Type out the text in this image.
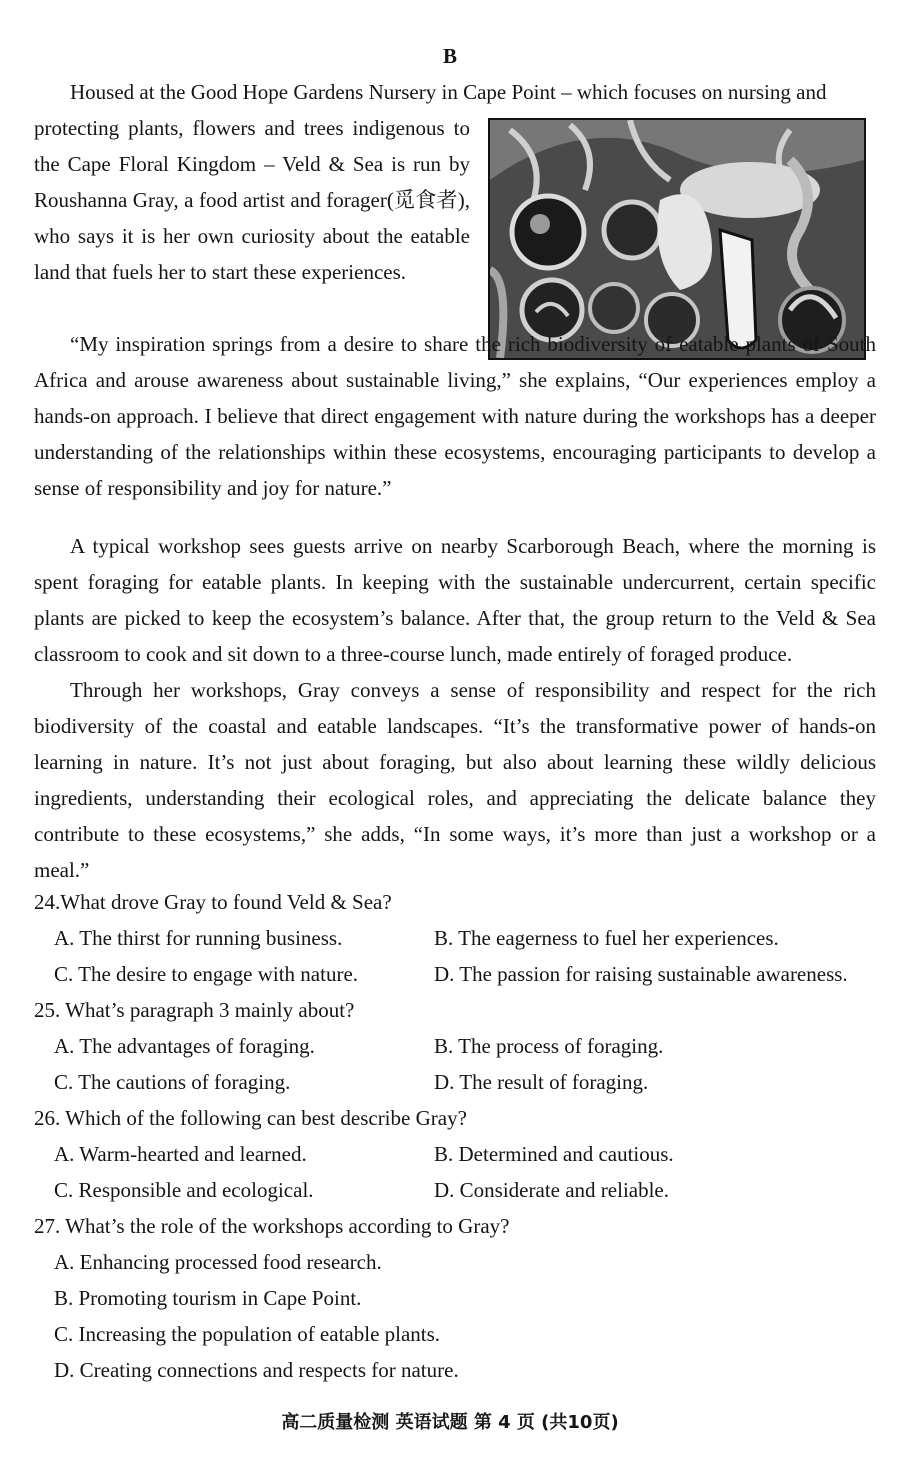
B

Housed at the Good Hope Gardens Nursery in Cape Point – which focuses on nursing and

protecting plants, flowers and trees indigenous to the Cape Floral Kingdom – Veld & Sea is run by Roushanna Gray, a food artist and forager(觅食者), who says it is her own curiosity about the eatable land that fuels her to start these experiences.

“My inspiration springs from a desire to share the rich biodiversity of eatable plants of South Africa and arouse awareness about sustainable living,” she explains, “Our experiences employ a hands-on approach. I believe that direct engagement with nature during the workshops has a deeper understanding of the relationships within these ecosystems, encouraging participants to develop a sense of responsibility and joy for nature.”

A typical workshop sees guests arrive on nearby Scarborough Beach, where the morning is spent foraging for eatable plants. In keeping with the sustainable undercurrent, certain specific plants are picked to keep the ecosystem’s balance. After that, the group return to the Veld & Sea classroom to cook and sit down to a three-course lunch, made entirely of foraged produce.

Through her workshops, Gray conveys a sense of responsibility and respect for the rich biodiversity of the coastal and eatable landscapes. “It’s the transformative power of hands-on learning in nature. It’s not just about foraging, but also about learning these wildly delicious ingredients, understanding their ecological roles, and appreciating the delicate balance they contribute to these ecosystems,” she adds, “In some ways, it’s more than just a workshop or a meal.”

24.What drove Gray to found Veld & Sea?
A. The thirst for running business.	B. The eagerness to fuel her experiences.
C. The desire to engage with nature.	D. The passion for raising sustainable awareness.
25. What’s paragraph 3 mainly about?
A. The advantages of foraging.	B. The process of foraging.
C. The cautions of foraging.	D. The result of foraging.
26. Which of the following can best describe Gray?
A. Warm-hearted and learned.	B. Determined and cautious.
C. Responsible and ecological.	D. Considerate and reliable.
27. What’s the role of the workshops according to Gray?
A. Enhancing processed food research.
B. Promoting tourism in Cape Point.
C. Increasing the population of eatable plants.
D. Creating connections and respects for nature.
高二质量检测 英语试题 第 4 页 (共10页)
